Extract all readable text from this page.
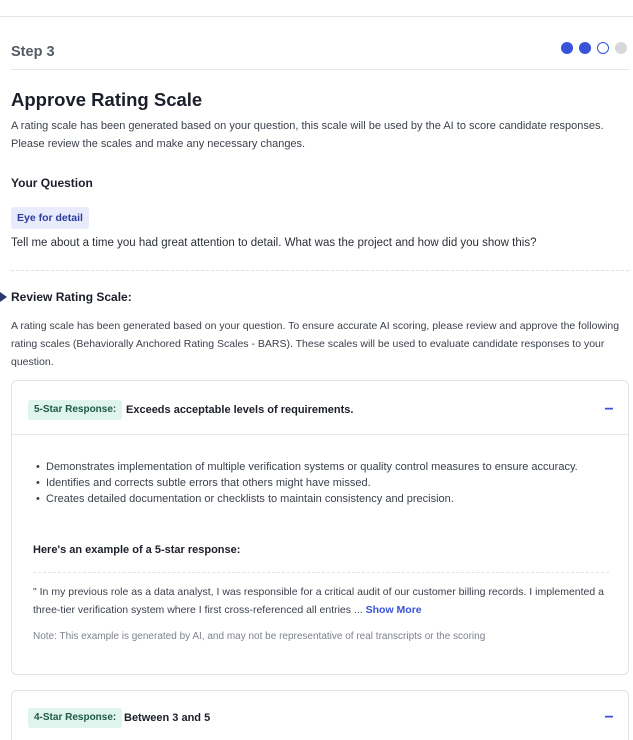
Step 3
Approve Rating Scale
A rating scale has been generated based on your question, this scale will be used by the AI to score candidate responses. Please review the scales and make any necessary changes.
Your Question
Eye for detail
Tell me about a time you had great attention to detail. What was the project and how did you show this?
Review Rating Scale:
A rating scale has been generated based on your question. To ensure accurate AI scoring, please review and approve the following rating scales (Behaviorally Anchored Rating Scales - BARS). These scales will be used to evaluate candidate responses to your question.
5-Star Response: Exceeds acceptable levels of requirements.	−
• Demonstrates implementation of multiple verification systems or quality control measures to ensure accuracy.
• Identifies and corrects subtle errors that others might have missed.
• Creates detailed documentation or checklists to maintain consistency and precision.
Here's an example of a 5-star response:
" In my previous role as a data analyst, I was responsible for a critical audit of our customer billing records. I implemented a three-tier verification system where I first cross-referenced all entries ... Show More
Note: This example is generated by AI, and may not be representative of real transcripts or the scoring
4-Star Response: Between 3 and 5	−
